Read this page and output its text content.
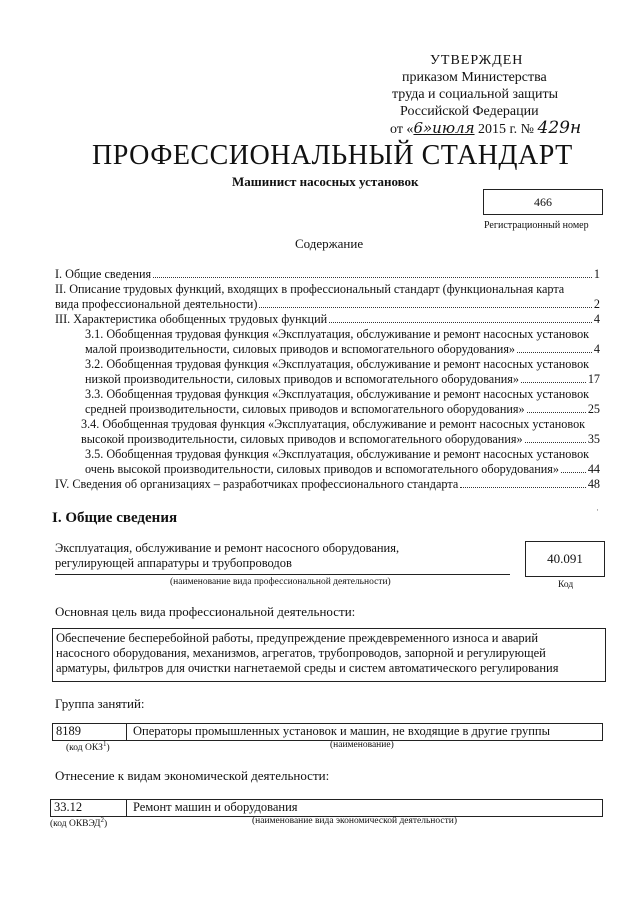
УТВЕРЖДЕН
приказом Министерства
труда и социальной защиты
Российской Федерации
от «6»июля 2015 г. № 429н
ПРОФЕССИОНАЛЬНЫЙ СТАНДАРТ
Машинист насосных установок
466
Регистрационный номер
Содержание
I. Общие сведения	1
II. Описание трудовых функций, входящих в профессиональный стандарт (функциональная карта
вида профессиональной деятельности)	2
III. Характеристика обобщенных трудовых функций	4
3.1. Обобщенная трудовая функция «Эксплуатация, обслуживание и ремонт насосных установок
малой производительности, силовых приводов и вспомогательного оборудования»	4
3.2. Обобщенная трудовая функция «Эксплуатация, обслуживание и ремонт насосных установок
низкой производительности, силовых приводов и вспомогательного оборудования»	17
3.3. Обобщенная трудовая функция «Эксплуатация, обслуживание и ремонт насосных установок
средней производительности, силовых приводов и вспомогательного оборудования»	25
3.4. Обобщенная трудовая функция «Эксплуатация, обслуживание и ремонт насосных установок
высокой производительности, силовых приводов и вспомогательного оборудования»	35
3.5. Обобщенная трудовая функция «Эксплуатация, обслуживание и ремонт насосных установок
очень высокой производительности, силовых приводов и вспомогательного оборудования» 44
IV. Сведения об организациях – разработчиках профессионального стандарта	48
I. Общие сведения	·
Эксплуатация, обслуживание и ремонт насосного оборудования,
регулирующей аппаратуры и трубопроводов	40.091
(наименование вида профессиональной деятельности)	Код
Основная цель вида профессиональной деятельности:
Обеспечение бесперебойной работы, предупреждение преждевременного износа и аварий
насосного оборудования, механизмов, агрегатов, трубопроводов, запорной и регулирующей
арматуры, фильтров для очистки нагнетаемой среды и систем автоматического регулирования
Группа занятий:
8189	Операторы промышленных установок и машин, не входящие в другие группы
(код ОКЗ$^1$)	(наименование)
Отнесение к видам экономической деятельности:
33.12	Ремонт машин и оборудования
(код ОКВЭД$^2$)	(наименование вида экономической деятельности)
